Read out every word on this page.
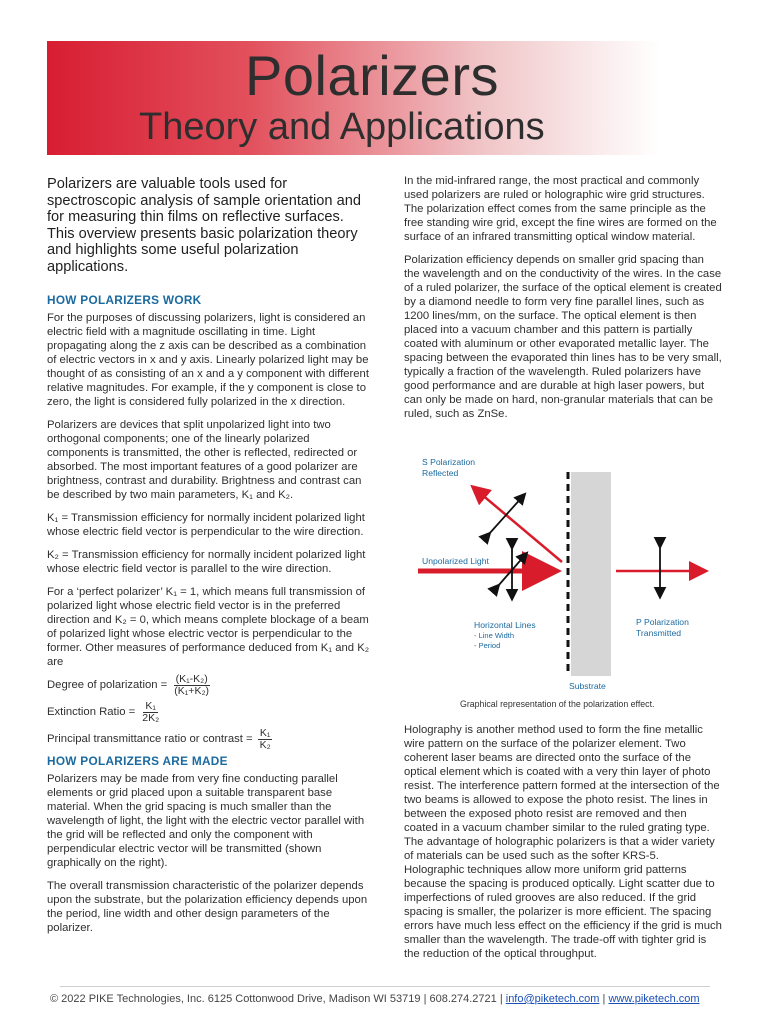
Polarizers
Theory and Applications
Polarizers are valuable tools used for spectroscopic analysis of sample orientation and for measuring thin films on reflective surfaces. This overview presents basic polarization theory and highlights some useful polarization applications.
HOW POLARIZERS WORK

For the purposes of discussing polarizers, light is considered an electric field with a magnitude oscillating in time. Light propagating along the z axis can be described as a combination of electric vectors in x and y axis. Linearly polarized light may be thought of as consisting of an x and a y component with different relative magnitudes. For example, if the y component is close to zero, the light is considered fully polarized in the x direction.

Polarizers are devices that split unpolarized light into two orthogonal components; one of the linearly polarized components is transmitted, the other is reflected, redirected or absorbed. The most important features of a good polarizer are brightness, contrast and durability. Brightness and contrast can be described by two main parameters, K₁ and K₂.

K₁ = Transmission efficiency for normally incident polarized light whose electric field vector is perpendicular to the wire direction.

K₂ = Transmission efficiency for normally incident polarized light whose electric field vector is parallel to the wire direction.

For a ‘perfect polarizer’ K₁ = 1, which means full transmission of polarized light whose electric field vector is in the preferred direction and K₂ = 0, which means complete blockage of a beam of polarized light whose electric vector is perpendicular to the former. Other measures of performance deduced from K₁ and K₂ are

Degree of polarization = $\frac{\text{(K₁-K₂)}}{\text{(K₁+K₂)}}$
Extinction Ratio = $\frac{\text{K₁}}{\text{2K₂}}$
Principal transmittance ratio or contrast = $\frac{\text{K₁}}{\text{K₂}}$
HOW POLARIZERS ARE MADE

Polarizers may be made from very fine conducting parallel elements or grid placed upon a suitable transparent base material. When the grid spacing is much smaller than the wavelength of light, the light with the electric vector parallel with the grid will be reflected and only the component with perpendicular electric vector will be transmitted (shown graphically on the right).

The overall transmission characteristic of the polarizer depends upon the substrate, but the polarization efficiency depends upon the period, line width and other design parameters of the polarizer.

In the mid-infrared range, the most practical and commonly used polarizers are ruled or holographic wire grid structures. The polarization effect comes from the same principle as the free standing wire grid, except the fine wires are formed on the surface of an infrared transmitting optical window material.

Polarization efficiency depends on smaller grid spacing than the wavelength and on the conductivity of the wires. In the case of a ruled polarizer, the surface of the optical element is created by a diamond needle to form very fine parallel lines, such as 1200 lines/mm, on the surface. The optical element is then placed into a vacuum chamber and this pattern is partially coated with aluminum or other evaporated metallic layer. The spacing between the evaporated thin lines has to be very small, typically a fraction of the wavelength. Ruled polarizers have good performance and are durable at high laser powers, but can only be made on hard, non-granular materials that can be ruled, such as ZnSe.

S Polarization
Reflected
Unpolarized Light
Horizontal Lines
- Line Width
- Period
P Polarization
Transmitted
Substrate
Graphical representation of the polarization effect.

Holography is another method used to form the fine metallic wire pattern on the surface of the polarizer element. Two coherent laser beams are directed onto the surface of the optical element which is coated with a very thin layer of photo resist. The interference pattern formed at the intersection of the two beams is allowed to expose the photo resist. The lines in between the exposed photo resist are removed and then coated in a vacuum chamber similar to the ruled grating type. The advantage of holographic polarizers is that a wider variety of materials can be used such as the softer KRS-5. Holographic techniques allow more uniform grid patterns because the spacing is produced optically. Light scatter due to imperfections of ruled grooves are also reduced. If the grid spacing is smaller, the polarizer is more efficient. The spacing errors have much less effect on the efficiency if the grid is much smaller than the wavelength. The trade-off with tighter grid is the reduction of the optical throughput.

© 2022 PIKE Technologies, Inc. 6125 Cottonwood Drive, Madison WI 53719 | 608.274.2721 | info@piketech.com | www.piketech.com
